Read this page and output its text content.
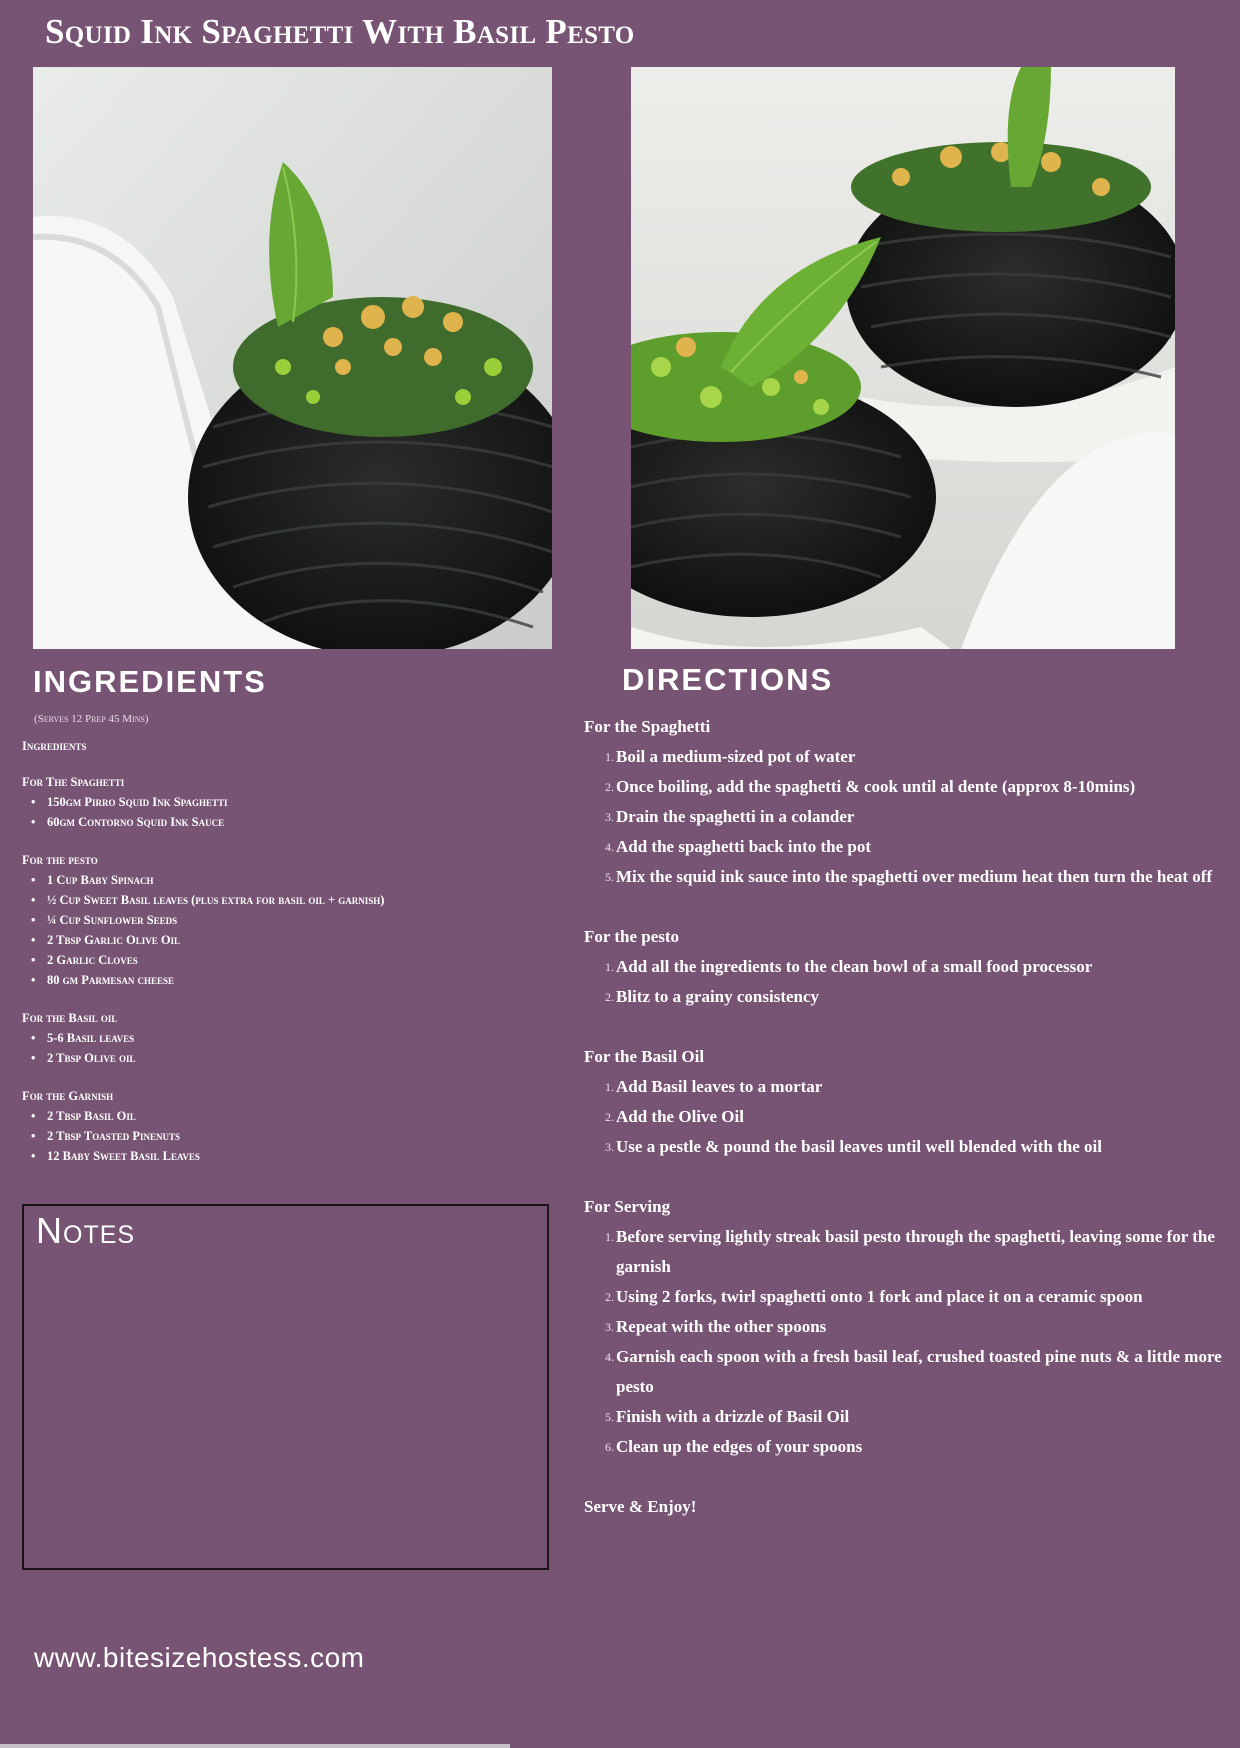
Squid Ink Spaghetti With Basil Pesto
INGREDIENTS	DIRECTIONS
(Serves 12 Prep 45 Mins)
Ingredients
For The Spaghetti
• 150gm Pirro Squid Ink Spaghetti
• 60gm Contorno Squid Ink Sauce
For the pesto
• 1 Cup Baby Spinach
• ½ Cup Sweet Basil leaves (plus extra for basil oil + garnish)
• ¼ Cup Sunflower Seeds
• 2 Tbsp Garlic Olive Oil
• 2 Garlic Cloves
• 80 gm Parmesan cheese
For the Basil oil
• 5-6 Basil leaves
• 2 Tbsp Olive oil
For the Garnish
• 2 Tbsp Basil Oil
• 2 Tbsp Toasted Pinenuts
• 12 Baby Sweet Basil Leaves
Notes
For the Spaghetti
1. Boil a medium-sized pot of water
2. Once boiling, add the spaghetti & cook until al dente (approx 8-10mins)
3. Drain the spaghetti in a colander
4. Add the spaghetti back into the pot
5. Mix the squid ink sauce into the spaghetti over medium heat then turn the heat off
For the pesto
1. Add all the ingredients to the clean bowl of a small food processor
2. Blitz to a grainy consistency
For the Basil Oil
1. Add Basil leaves to a mortar
2. Add the Olive Oil
3. Use a pestle & pound the basil leaves until well blended with the oil
For Serving
1. Before serving lightly streak basil pesto through the spaghetti, leaving some for the garnish
2. Using 2 forks, twirl spaghetti onto 1 fork and place it on a ceramic spoon
3. Repeat with the other spoons
4. Garnish each spoon with a fresh basil leaf, crushed toasted pine nuts & a little more pesto
5. Finish with a drizzle of Basil Oil
6. Clean up the edges of your spoons
Serve & Enjoy!
www.bitesizehostess.com
